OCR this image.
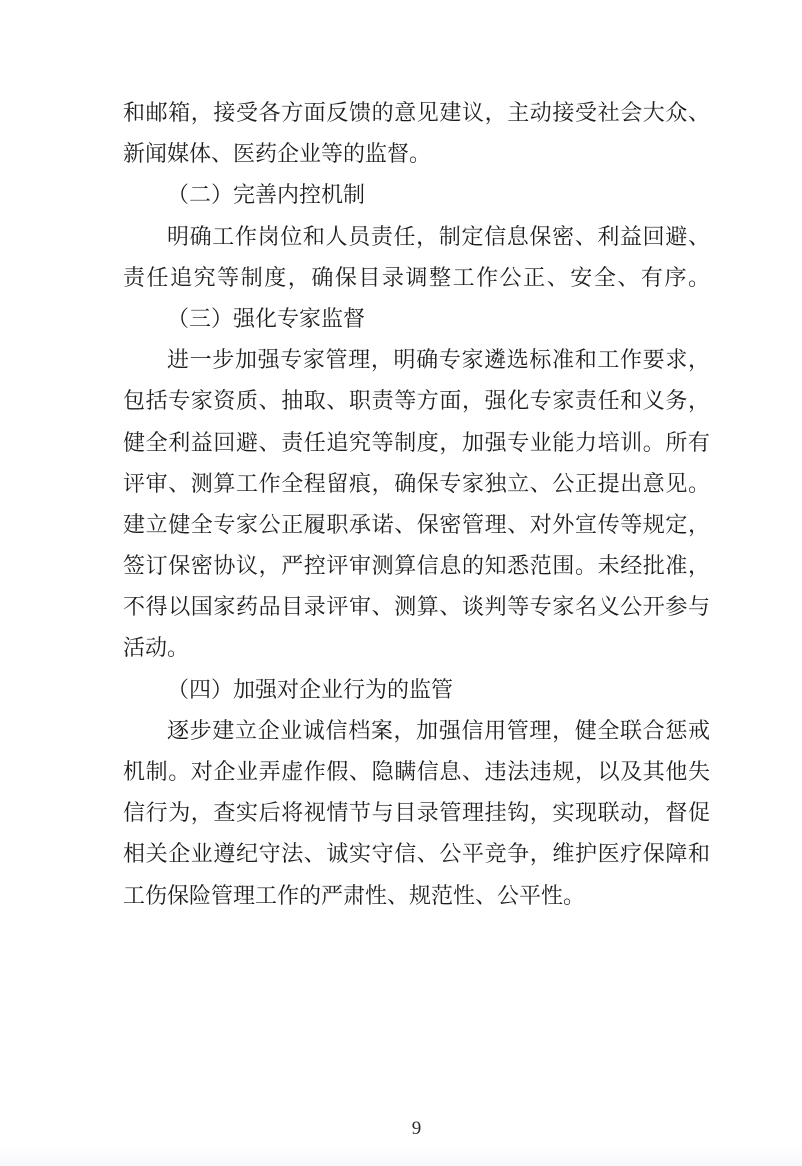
和邮箱，接受各方面反馈的意见建议，主动接受社会大众、
新闻媒体、医药企业等的监督。
（二）完善内控机制
明确工作岗位和人员责任，制定信息保密、利益回避、
责任追究等制度，确保目录调整工作公正、安全、有序。
（三）强化专家监督
进一步加强专家管理，明确专家遴选标准和工作要求，
包括专家资质、抽取、职责等方面，强化专家责任和义务，
健全利益回避、责任追究等制度，加强专业能力培训。所有
评审、测算工作全程留痕，确保专家独立、公正提出意见。
建立健全专家公正履职承诺、保密管理、对外宣传等规定，
签订保密协议，严控评审测算信息的知悉范围。未经批准，
不得以国家药品目录评审、测算、谈判等专家名义公开参与
活动。
（四）加强对企业行为的监管
逐步建立企业诚信档案，加强信用管理，健全联合惩戒
机制。对企业弄虚作假、隐瞒信息、违法违规，以及其他失
信行为，查实后将视情节与目录管理挂钩，实现联动，督促
相关企业遵纪守法、诚实守信、公平竞争，维护医疗保障和
工伤保险管理工作的严肃性、规范性、公平性。
9
